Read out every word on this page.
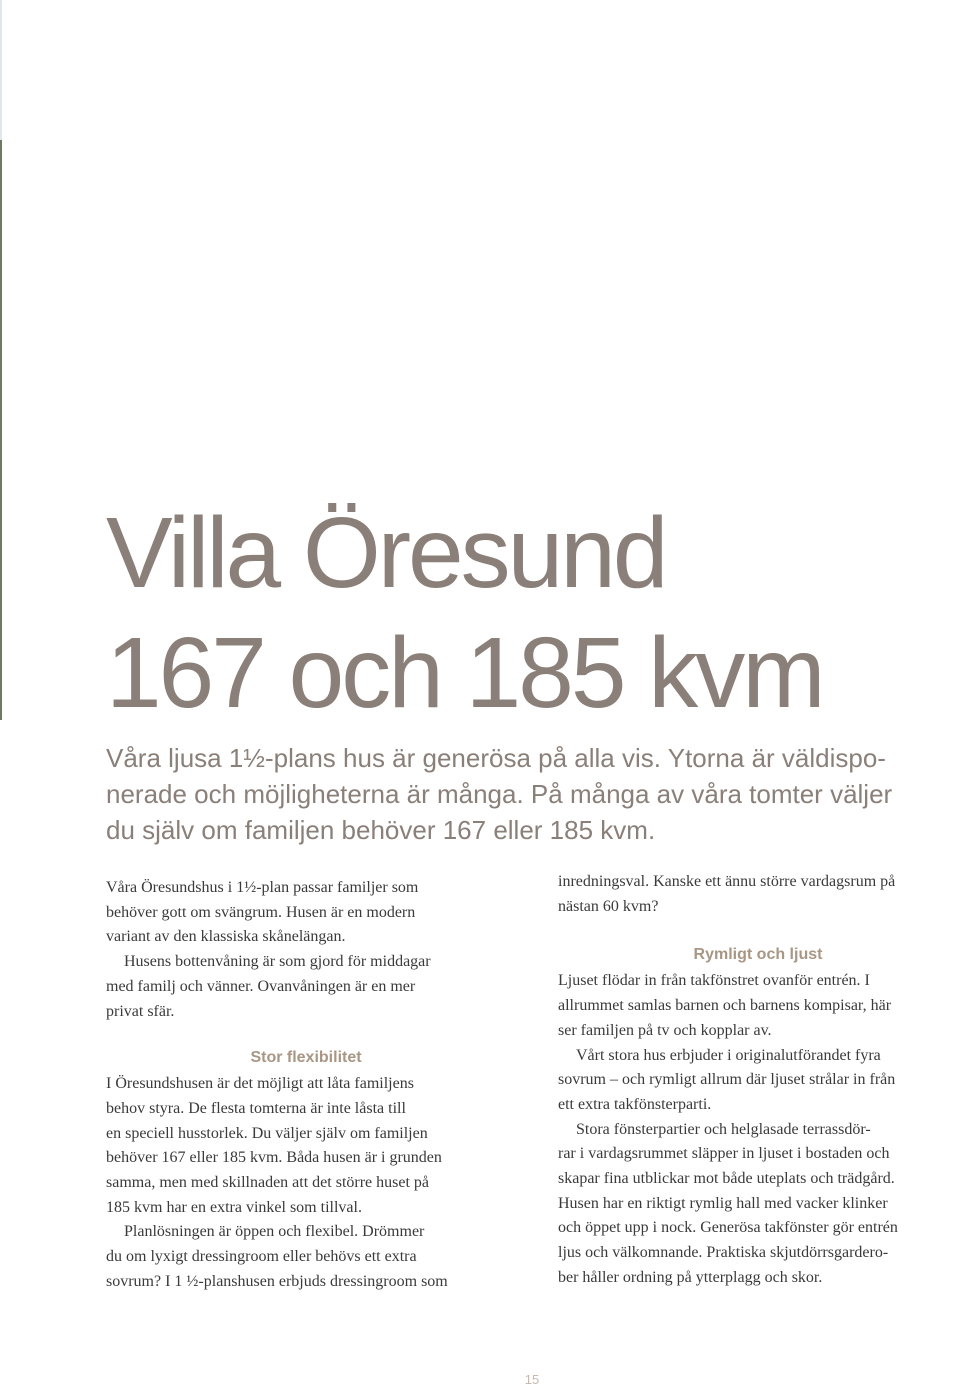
Villa Öresund
167 och 185 kvm
Våra ljusa 1½-plans hus är generösa på alla vis. Ytorna är väldispo-
nerade och möjligheterna är många. På många av våra tomter väljer
du själv om familjen behöver 167 eller 185 kvm.

Våra Öresundshus i 1½-plan passar familjer som
behöver gott om svängrum. Husen är en modern
variant av den klassiska skånelängan.

Husens bottenvåning är som gjord för middagar
med familj och vänner. Ovanvåningen är en mer
privat sfär.

Stor flexibilitet

I Öresundshusen är det möjligt att låta familjens
behov styra. De flesta tomterna är inte låsta till
en speciell husstorlek. Du väljer själv om familjen
behöver 167 eller 185 kvm. Båda husen är i grunden
samma, men med skillnaden att det större huset på
185 kvm har en extra vinkel som tillval.

Planlösningen är öppen och flexibel. Drömmer
du om lyxigt dressingroom eller behövs ett extra
sovrum? I 1 ½-planshusen erbjuds dressingroom som

inredningsval. Kanske ett ännu större vardagsrum på
nästan 60 kvm?

Rymligt och ljust

Ljuset flödar in från takfönstret ovanför entrén. I
allrummet samlas barnen och barnens kompisar, här
ser familjen på tv och kopplar av.

Vårt stora hus erbjuder i originalutförandet fyra
sovrum – och rymligt allrum där ljuset strålar in från
ett extra takfönsterparti.

Stora fönsterpartier och helglasade terrassdör-
rar i vardagsrummet släpper in ljuset i bostaden och
skapar fina utblickar mot både uteplats och trädgård.
Husen har en riktigt rymlig hall med vacker klinker
och öppet upp i nock. Generösa takfönster gör entrén
ljus och välkomnande. Praktiska skjutdörrsgardero-
ber håller ordning på ytterplagg och skor.

15
